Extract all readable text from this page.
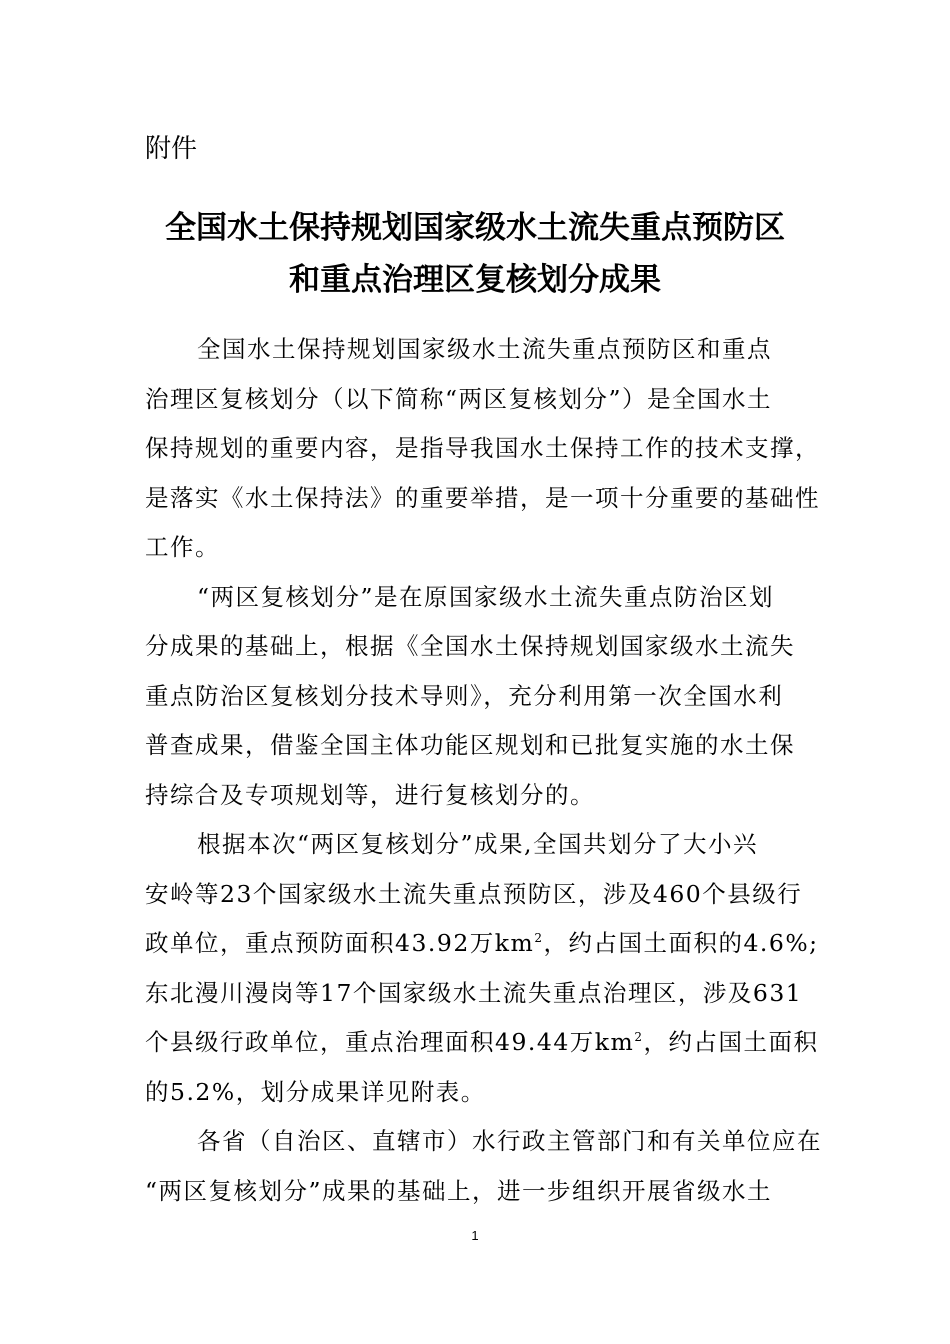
附件

全国水土保持规划国家级水土流失重点预防区
和重点治理区复核划分成果

全国水土保持规划国家级水土流失重点预防区和重点
治理区复核划分（以下简称“两区复核划分”）是全国水土
保持规划的重要内容，是指导我国水土保持工作的技术支撑，
是落实《水土保持法》的重要举措，是一项十分重要的基础性
工作。

“两区复核划分”是在原国家级水土流失重点防治区划
分成果的基础上，根据《全国水土保持规划国家级水土流失
重点防治区复核划分技术导则》，充分利用第一次全国水利
普查成果，借鉴全国主体功能区规划和已批复实施的水土保
持综合及专项规划等，进行复核划分的。

根据本次“两区复核划分”成果,全国共划分了大小兴
安岭等23个国家级水土流失重点预防区，涉及460个县级行
政单位，重点预防面积43.92万$km^2$，约占国土面积的4.6%;
东北漫川漫岗等17个国家级水土流失重点治理区，涉及631
个县级行政单位，重点治理面积49.44万$km^2$，约占国土面积
的5.2%，划分成果详见附表。

各省（自治区、直辖市）水行政主管部门和有关单位应在
“两区复核划分”成果的基础上，进一步组织开展省级水土

1
